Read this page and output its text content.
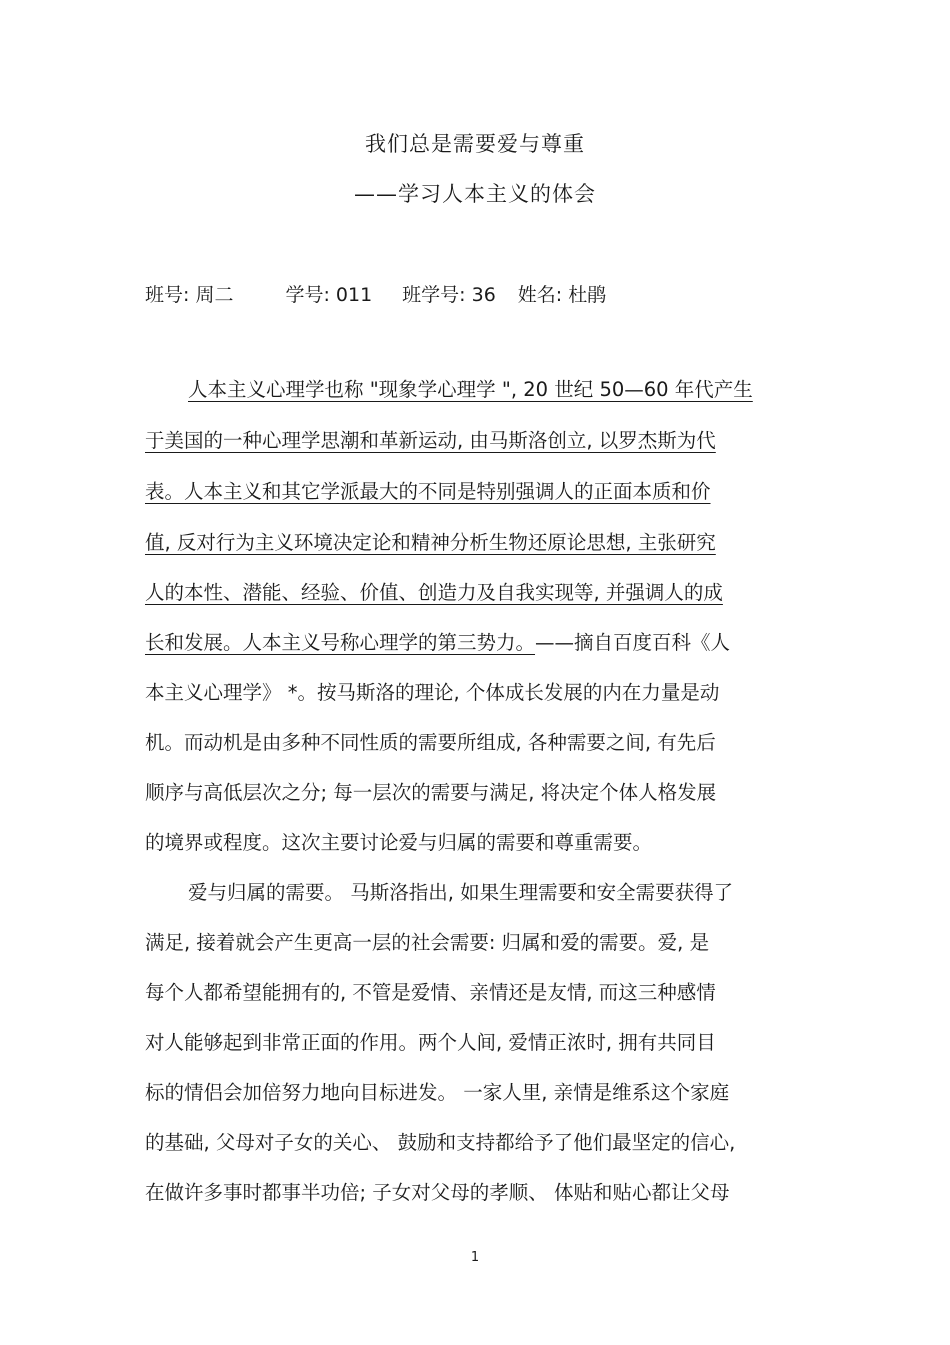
我们总是需要爱与尊重
——学习人本主义的体会
班号: 周二	学号: 011 班学号: 36 姓名: 杜鹃
人本主义心理学也称 "现象学心理学 ", 20 世纪 50—60 年代产生
于美国的一种心理学思潮和革新运动, 由马斯洛创立, 以罗杰斯为代
表。人本主义和其它学派最大的不同是特别强调人的正面本质和价
值, 反对行为主义环境决定论和精神分析生物还原论思想, 主张研究
人的本性、潜能、经验、价值、创造力及自我实现等, 并强调人的成
长和发展。人本主义号称心理学的第三势力。——摘自百度百科《人
本主义心理学》 *。按马斯洛的理论, 个体成长发展的内在力量是动
机。而动机是由多种不同性质的需要所组成, 各种需要之间, 有先后
顺序与高低层次之分; 每一层次的需要与满足, 将决定个体人格发展
的境界或程度。这次主要讨论爱与归属的需要和尊重需要。
爱与归属的需要。 马斯洛指出, 如果生理需要和安全需要获得了
满足, 接着就会产生更高一层的社会需要: 归属和爱的需要。爱, 是
每个人都希望能拥有的, 不管是爱情、亲情还是友情, 而这三种感情
对人能够起到非常正面的作用。两个人间, 爱情正浓时, 拥有共同目
标的情侣会加倍努力地向目标进发。 一家人里, 亲情是维系这个家庭
的基础, 父母对子女的关心、 鼓励和支持都给予了他们最坚定的信心,
在做许多事时都事半功倍; 子女对父母的孝顺、 体贴和贴心都让父母
1
